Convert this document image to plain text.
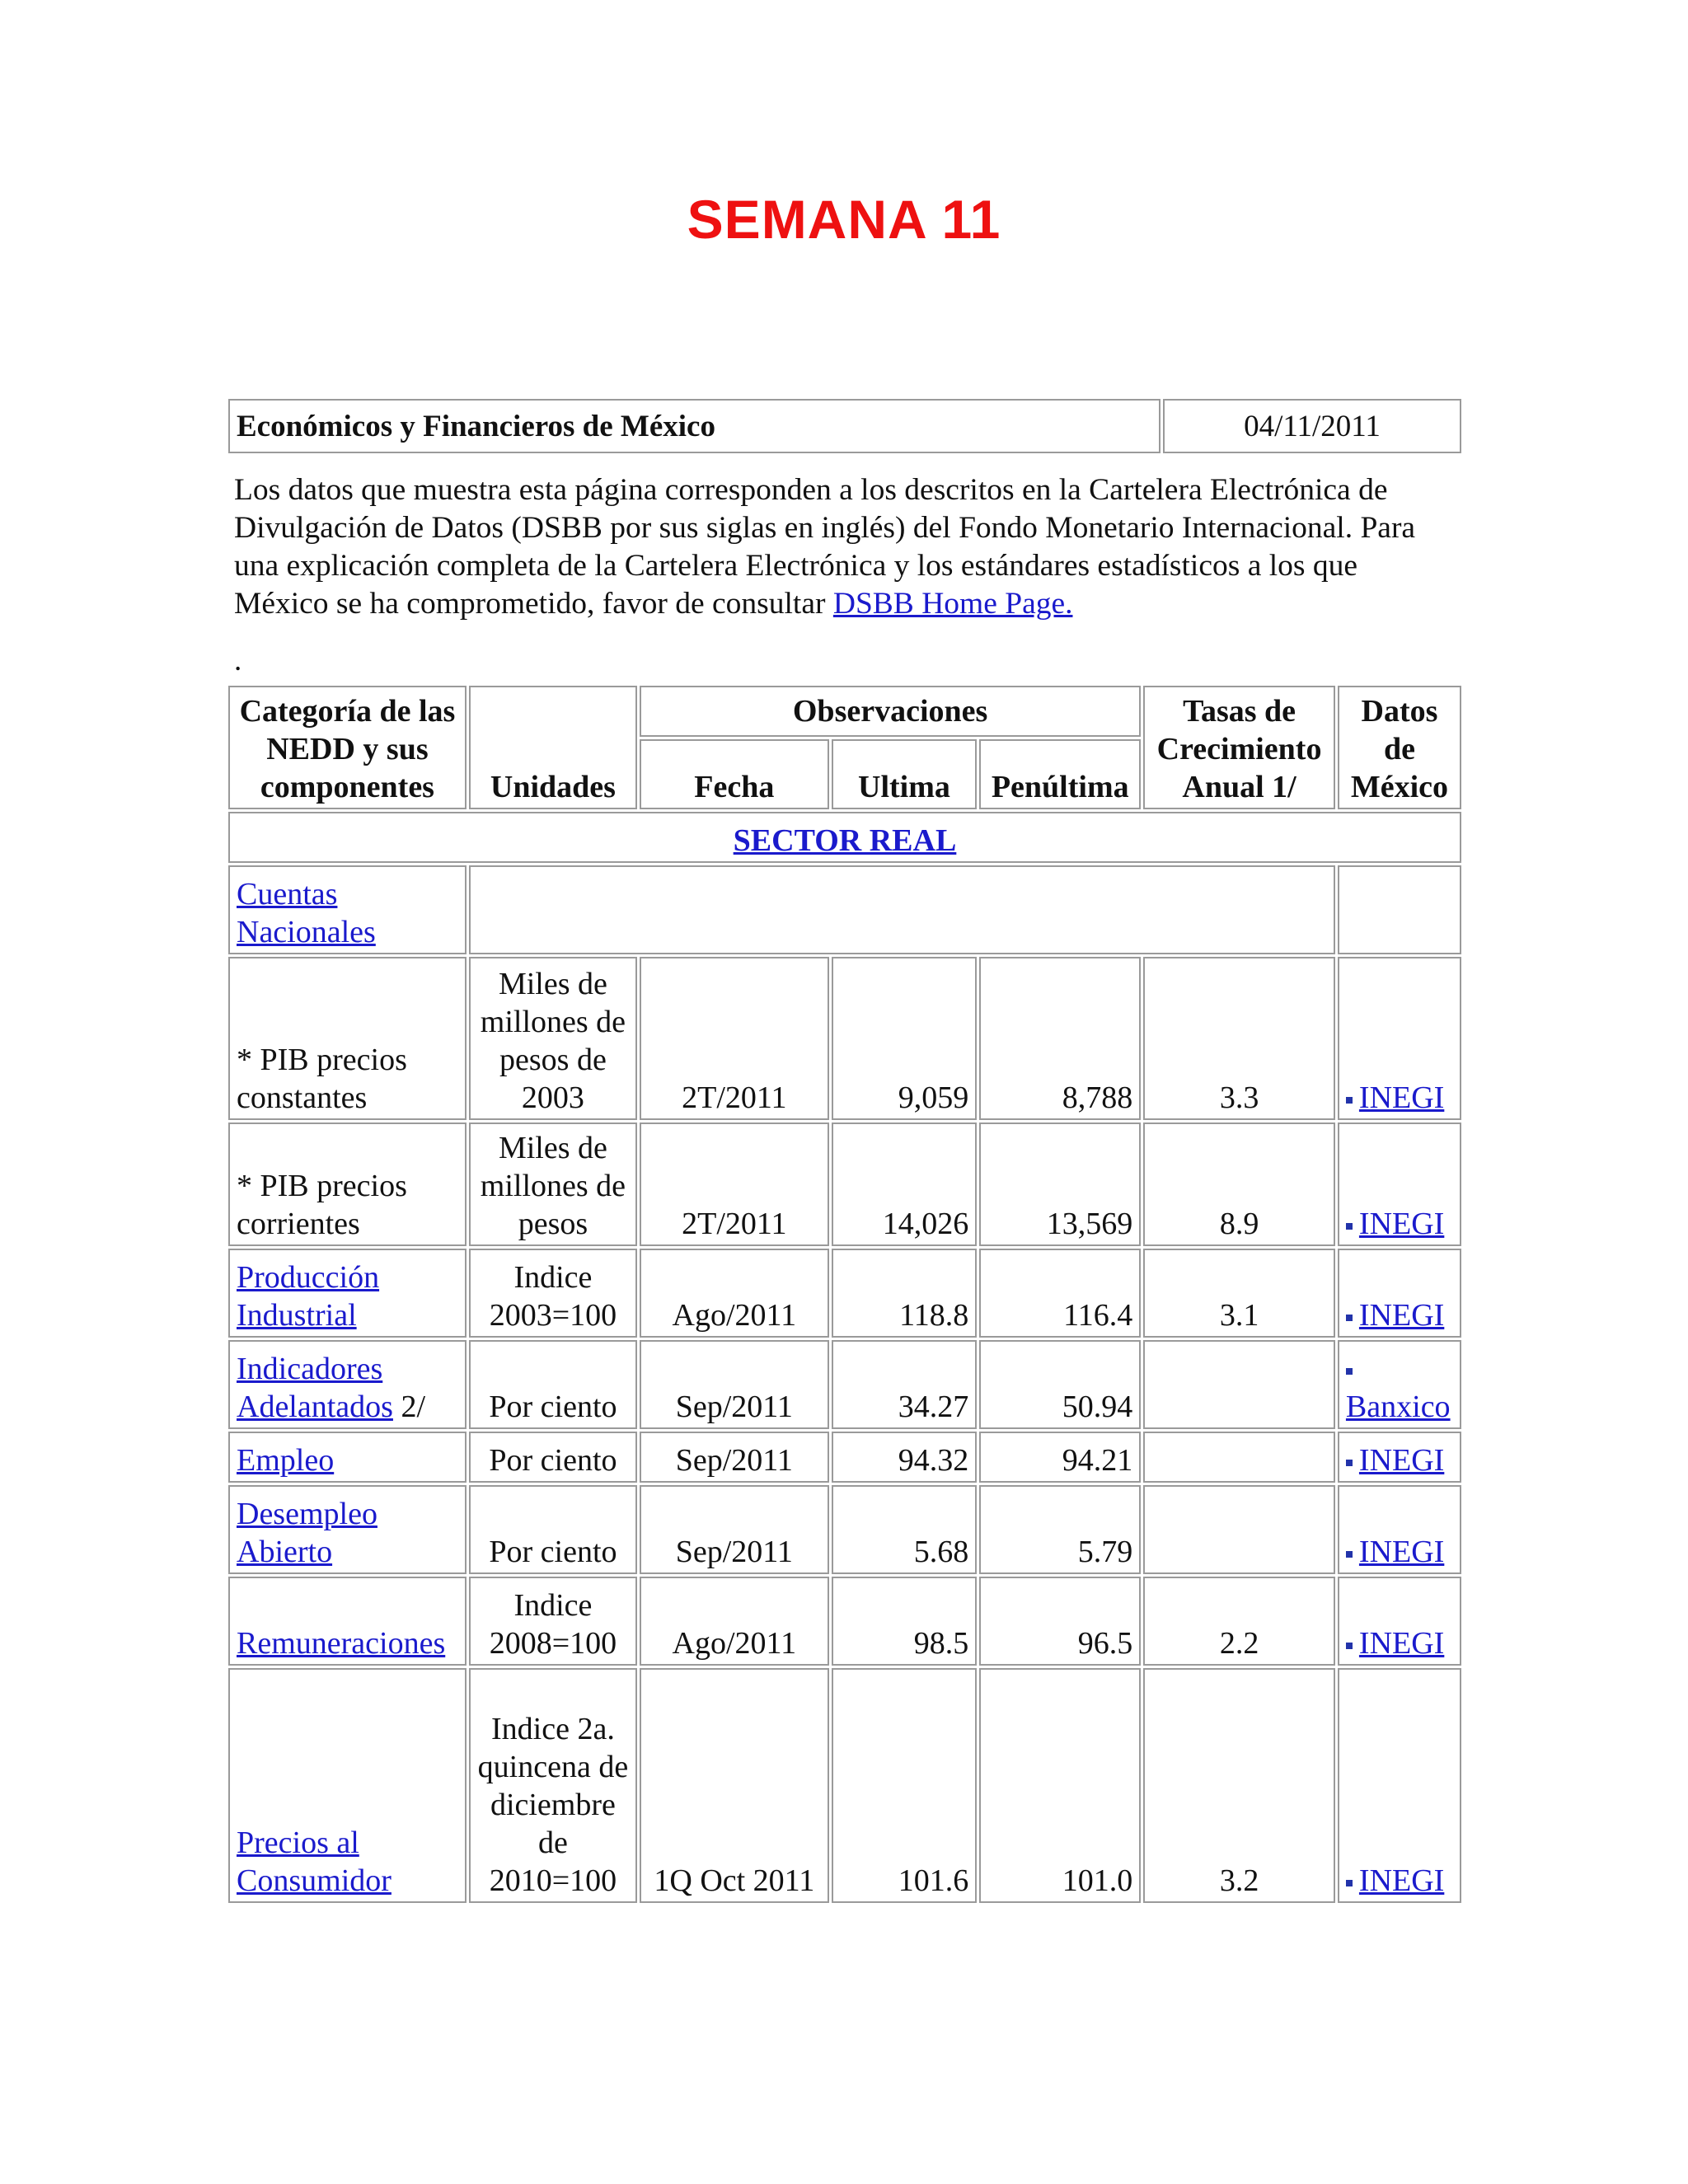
SEMANA 11
Económicos y Financieros de México	04/11/2011
Los datos que muestra esta página corresponden a los descritos en la Cartelera Electrónica de Divulgación de Datos (DSBB por sus siglas en inglés) del Fondo Monetario Internacional. Para una explicación completa de la Cartelera Electrónica y los estándares estadísticos a los que México se ha comprometido, favor de consultar DSBB Home Page.
.
Categoría de las NEDD y sus componentes	Unidades	Observaciones			Tasas de Crecimiento Anual 1/	Datos de México
		Fecha	Ultima	Penúltima		
SECTOR REAL						
Cuentas Nacionales						
* PIB precios constantes	Miles de millones de pesos de 2003	2T/2011	9,059	8,788	3.3	INEGI
* PIB precios corrientes	Miles de millones de pesos	2T/2011	14,026	13,569	8.9	INEGI
Producción Industrial	Indice 2003=100	Ago/2011	118.8	116.4	3.1	INEGI
Indicadores Adelantados 2/	Por ciento	Sep/2011	34.27	50.94		Banxico
Empleo	Por ciento	Sep/2011	94.32	94.21		INEGI
Desempleo Abierto	Por ciento	Sep/2011	5.68	5.79		INEGI
Remuneraciones	Indice 2008=100	Ago/2011	98.5	96.5	2.2	INEGI
Precios al Consumidor	Indice 2a. quincena de diciembre de 2010=100	1Q Oct 2011	101.6	101.0	3.2	INEGI
